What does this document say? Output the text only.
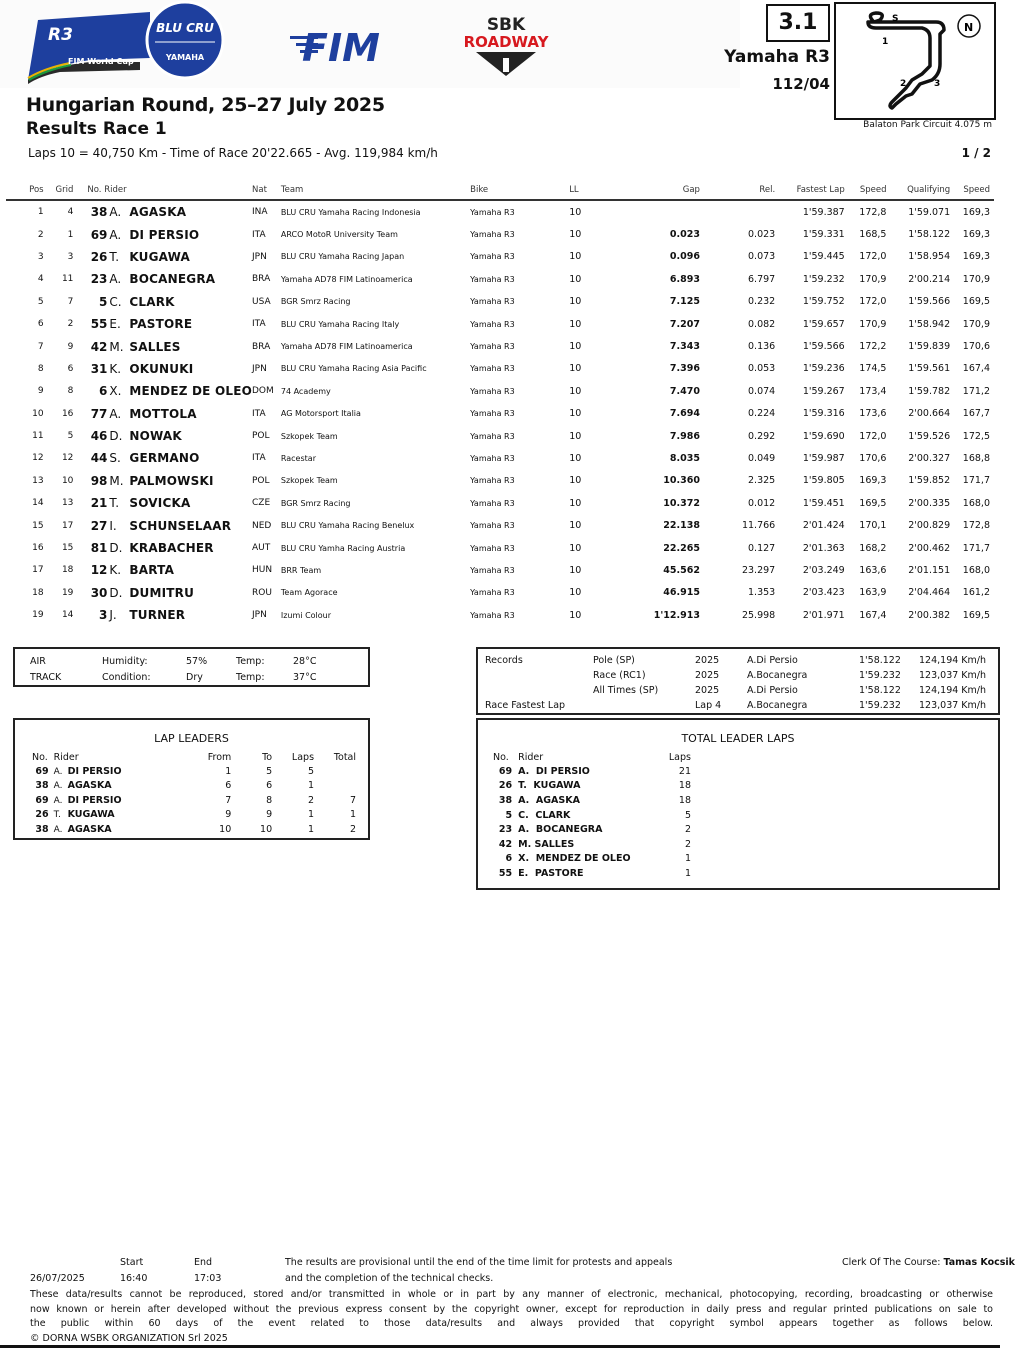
R3
FIM World Cup
BLU CRU
YAMAHA	FIM
SBK
ROADWAY
Hungarian Round, 25–27 July 2025
Results Race 1
Laps 10 = 40,750 Km - Time of Race 20'22.665 - Avg. 119,984 km/h
3.1
Yamaha R3
112/04
S
1
2	3
N
Balaton Park Circuit 4.075 m
1 / 2
Pos	Grid	No. Rider	Nat	Team	Bike	LL	Gap	Rel.	Fastest Lap	Speed	Qualifying	Speed
1	4	38 A. AGASKA	INA	BLU CRU Yamaha Racing Indonesia	Yamaha R3	10			1'59.387	172,8	1'59.071	169,3
2	1	69 A. DI PERSIO	ITA	ARCO MotoR University Team	Yamaha R3	10	0.023	0.023	1'59.331	168,5	1'58.122	169,3
3	3	26 T. KUGAWA	JPN	BLU CRU Yamaha Racing Japan	Yamaha R3	10	0.096	0.073	1'59.445	172,0	1'58.954	169,3
4	11	23 A. BOCANEGRA	BRA	Yamaha AD78 FIM Latinoamerica	Yamaha R3	10	6.893	6.797	1'59.232	170,9	2'00.214	170,9
5	7	5 C. CLARK	USA	BGR Smrz Racing	Yamaha R3	10	7.125	0.232	1'59.752	172,0	1'59.566	169,5
6	2	55 E. PASTORE	ITA	BLU CRU Yamaha Racing Italy	Yamaha R3	10	7.207	0.082	1'59.657	170,9	1'58.942	170,9
7	9	42 M. SALLES	BRA	Yamaha AD78 FIM Latinoamerica	Yamaha R3	10	7.343	0.136	1'59.566	172,2	1'59.839	170,6
8	6	31 K. OKUNUKI	JPN	BLU CRU Yamaha Racing Asia Pacific	Yamaha R3	10	7.396	0.053	1'59.236	174,5	1'59.561	167,4
9	8	6 X. MENDEZ DE OLEO	DOM	74 Academy	Yamaha R3	10	7.470	0.074	1'59.267	173,4	1'59.782	171,2
10	16	77 A. MOTTOLA	ITA	AG Motorsport Italia	Yamaha R3	10	7.694	0.224	1'59.316	173,6	2'00.664	167,7
11	5	46 D. NOWAK	POL	Szkopek Team	Yamaha R3	10	7.986	0.292	1'59.690	172,0	1'59.526	172,5
12	12	44 S. GERMANO	ITA	Racestar	Yamaha R3	10	8.035	0.049	1'59.987	170,6	2'00.327	168,8
13	10	98 M. PALMOWSKI	POL	Szkopek Team	Yamaha R3	10	10.360	2.325	1'59.805	169,3	1'59.852	171,7
14	13	21 T. SOVICKA	CZE	BGR Smrz Racing	Yamaha R3	10	10.372	0.012	1'59.451	169,5	2'00.335	168,0
15	17	27 I. SCHUNSELAAR	NED	BLU CRU Yamaha Racing Benelux	Yamaha R3	10	22.138	11.766	2'01.424	170,1	2'00.829	172,8
16	15	81 D. KRABACHER	AUT	BLU CRU Yamha Racing Austria	Yamaha R3	10	22.265	0.127	2'01.363	168,2	2'00.462	171,7
17	18	12 K. BARTA	HUN	BRR Team	Yamaha R3	10	45.562	23.297	2'03.249	163,6	2'01.151	168,0
18	19	30 D. DUMITRU	ROU	Team Agorace	Yamaha R3	10	46.915	1.353	2'03.423	163,9	2'04.464	161,2
19	14	3 J. TURNER	JPN	Izumi Colour	Yamaha R3	10	1'12.913	25.998	2'01.971	167,4	2'00.382	169,5
AIR	Humidity:	57%	Temp:	28°C
TRACK	Condition:	Dry	Temp:	37°C
Records	Pole (SP)	2025	A.Di Persio	1'58.122	124,194 Km/h
	Race (RC1)	2025	A.Bocanegra	1'59.232	123,037 Km/h
	All Times (SP)	2025	A.Di Persio	1'58.122	124,194 Km/h
Race Fastest Lap		Lap 4	A.Bocanegra	1'59.232	123,037 Km/h
LAP LEADERS
No.	Rider	From	To	Laps	Total
69	A. DI PERSIO	1	5	5	
38	A. AGASKA	6	6	1	
69	A. DI PERSIO	7	8	2	7
26	T. KUGAWA	9	9	1	1
38	A. AGASKA	10	10	1	2
TOTAL LEADER LAPS
No.	Rider	Laps
69	A.  DI PERSIO	21
26	T.  KUGAWA	18
38	A.  AGASKA	18
5	C.  CLARK	5
23	A.  BOCANEGRA	2
42	M. SALLES	2
6	X.  MENDEZ DE OLEO	1
55	E.  PASTORE	1
Start	End	The results are provisional until the end of the time limit for protests and appeals	Clerk Of The Course: Tamas Kocsik
26/07/2025	16:40	17:03	and the completion of the technical checks.
These data/results cannot be reproduced, stored and/or transmitted in whole or in part by any manner of electronic, mechanical, photocopying, recording, broadcasting or otherwise
now known or herein after developed without the previous express consent by the copyright owner, except for reproduction in daily press and regular printed publications on sale to
the public within 60 days of the event related to those data/results and always provided that copyright symbol appears together as follows below.
© DORNA WSBK ORGANIZATION Srl 2025
